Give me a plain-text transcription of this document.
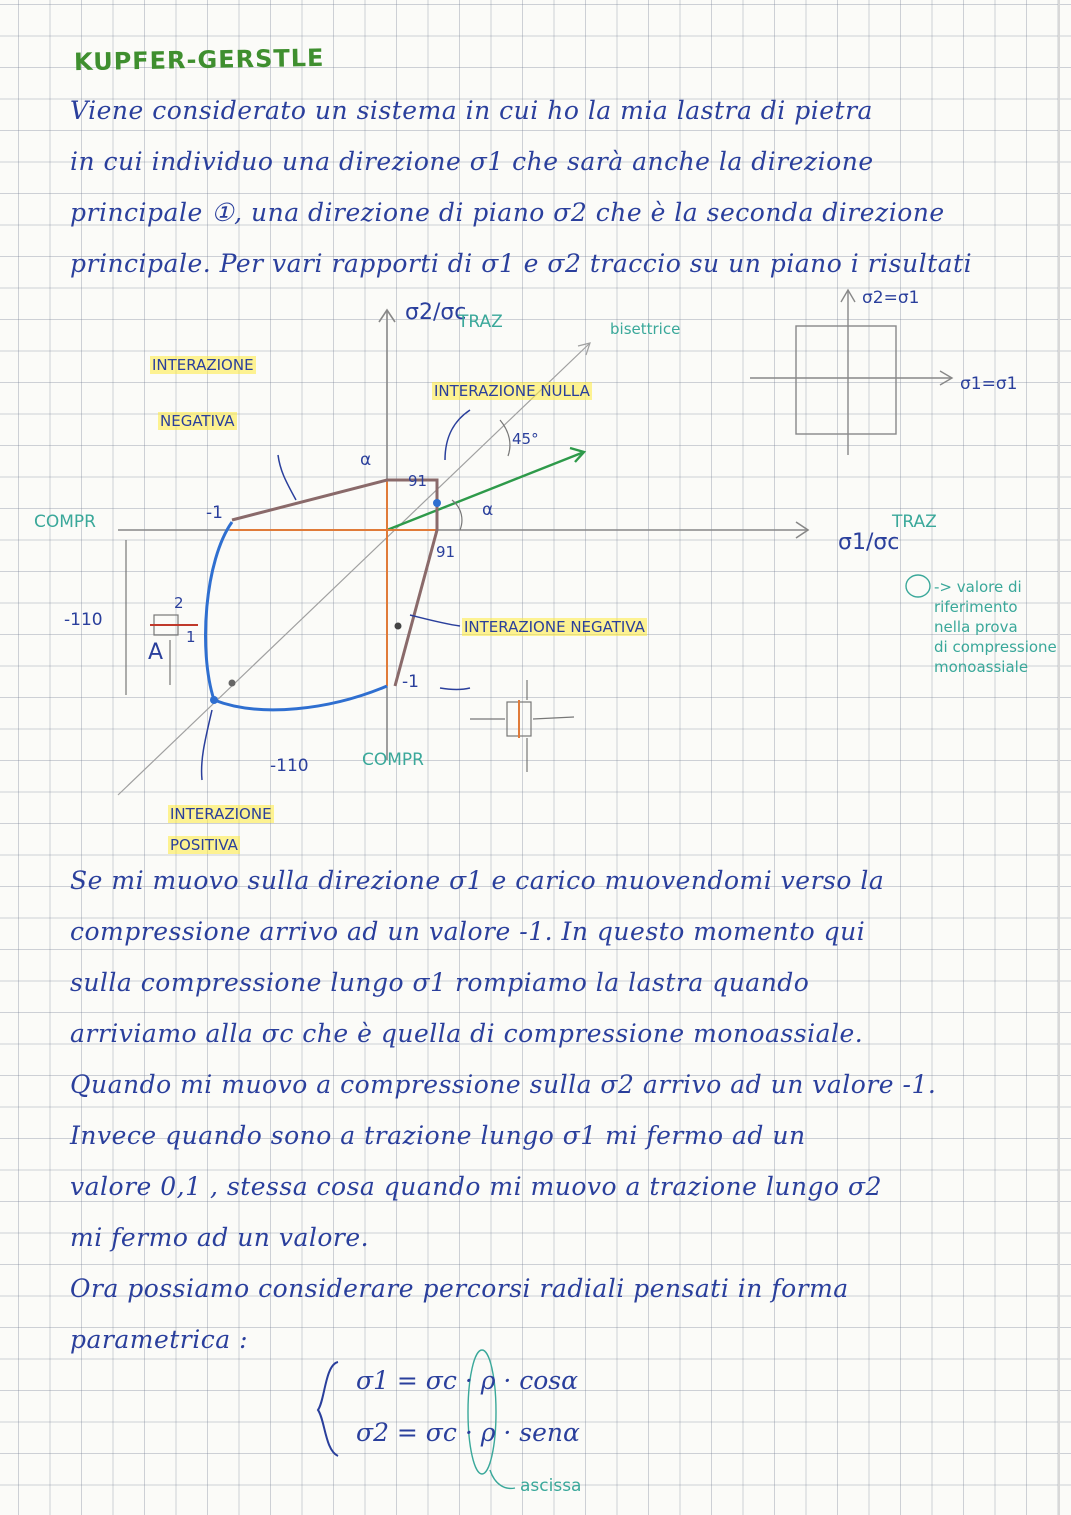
KUPFER-GERSTLE
Viene considerato un sistema in cui ho la mia lastra di pietra
in cui individuo una direzione σ1 che sarà anche la direzione
principale ①, una direzione di piano σ2 che è la seconda direzione
principale. Per vari rapporti di σ1 e σ2 traccio su un piano i risultati
σ2/σc
TRAZ
σ1/σc
TRAZ
COMPR
COMPR
bisettrice
45°
α
α
-1
-1
91
91
-110
-110
A
1
2
INTERAZIONE
NEGATIVA
INTERAZIONE NULLA
INTERAZIONE NEGATIVA
INTERAZIONE
POSITIVA
-> valore di
riferimento
nella prova
di compressione
monoassiale
σ2=σ1
σ1=σ1
Se mi muovo sulla direzione σ1 e carico muovendomi verso la
compressione arrivo ad un valore -1. In questo momento qui
sulla compressione lungo σ1 rompiamo la lastra quando
arriviamo alla σc che è quella di compressione monoassiale.
Quando mi muovo a compressione sulla σ2 arrivo ad un valore -1.
Invece quando sono a trazione lungo σ1 mi fermo ad un
valore 0,1 , stessa cosa quando mi muovo a trazione lungo σ2
mi fermo ad un valore.
Ora possiamo considerare percorsi radiali pensati in forma
parametrica :
σ1 = σc · ρ · cosα
σ2 = σc · ρ · senα
ascissa
